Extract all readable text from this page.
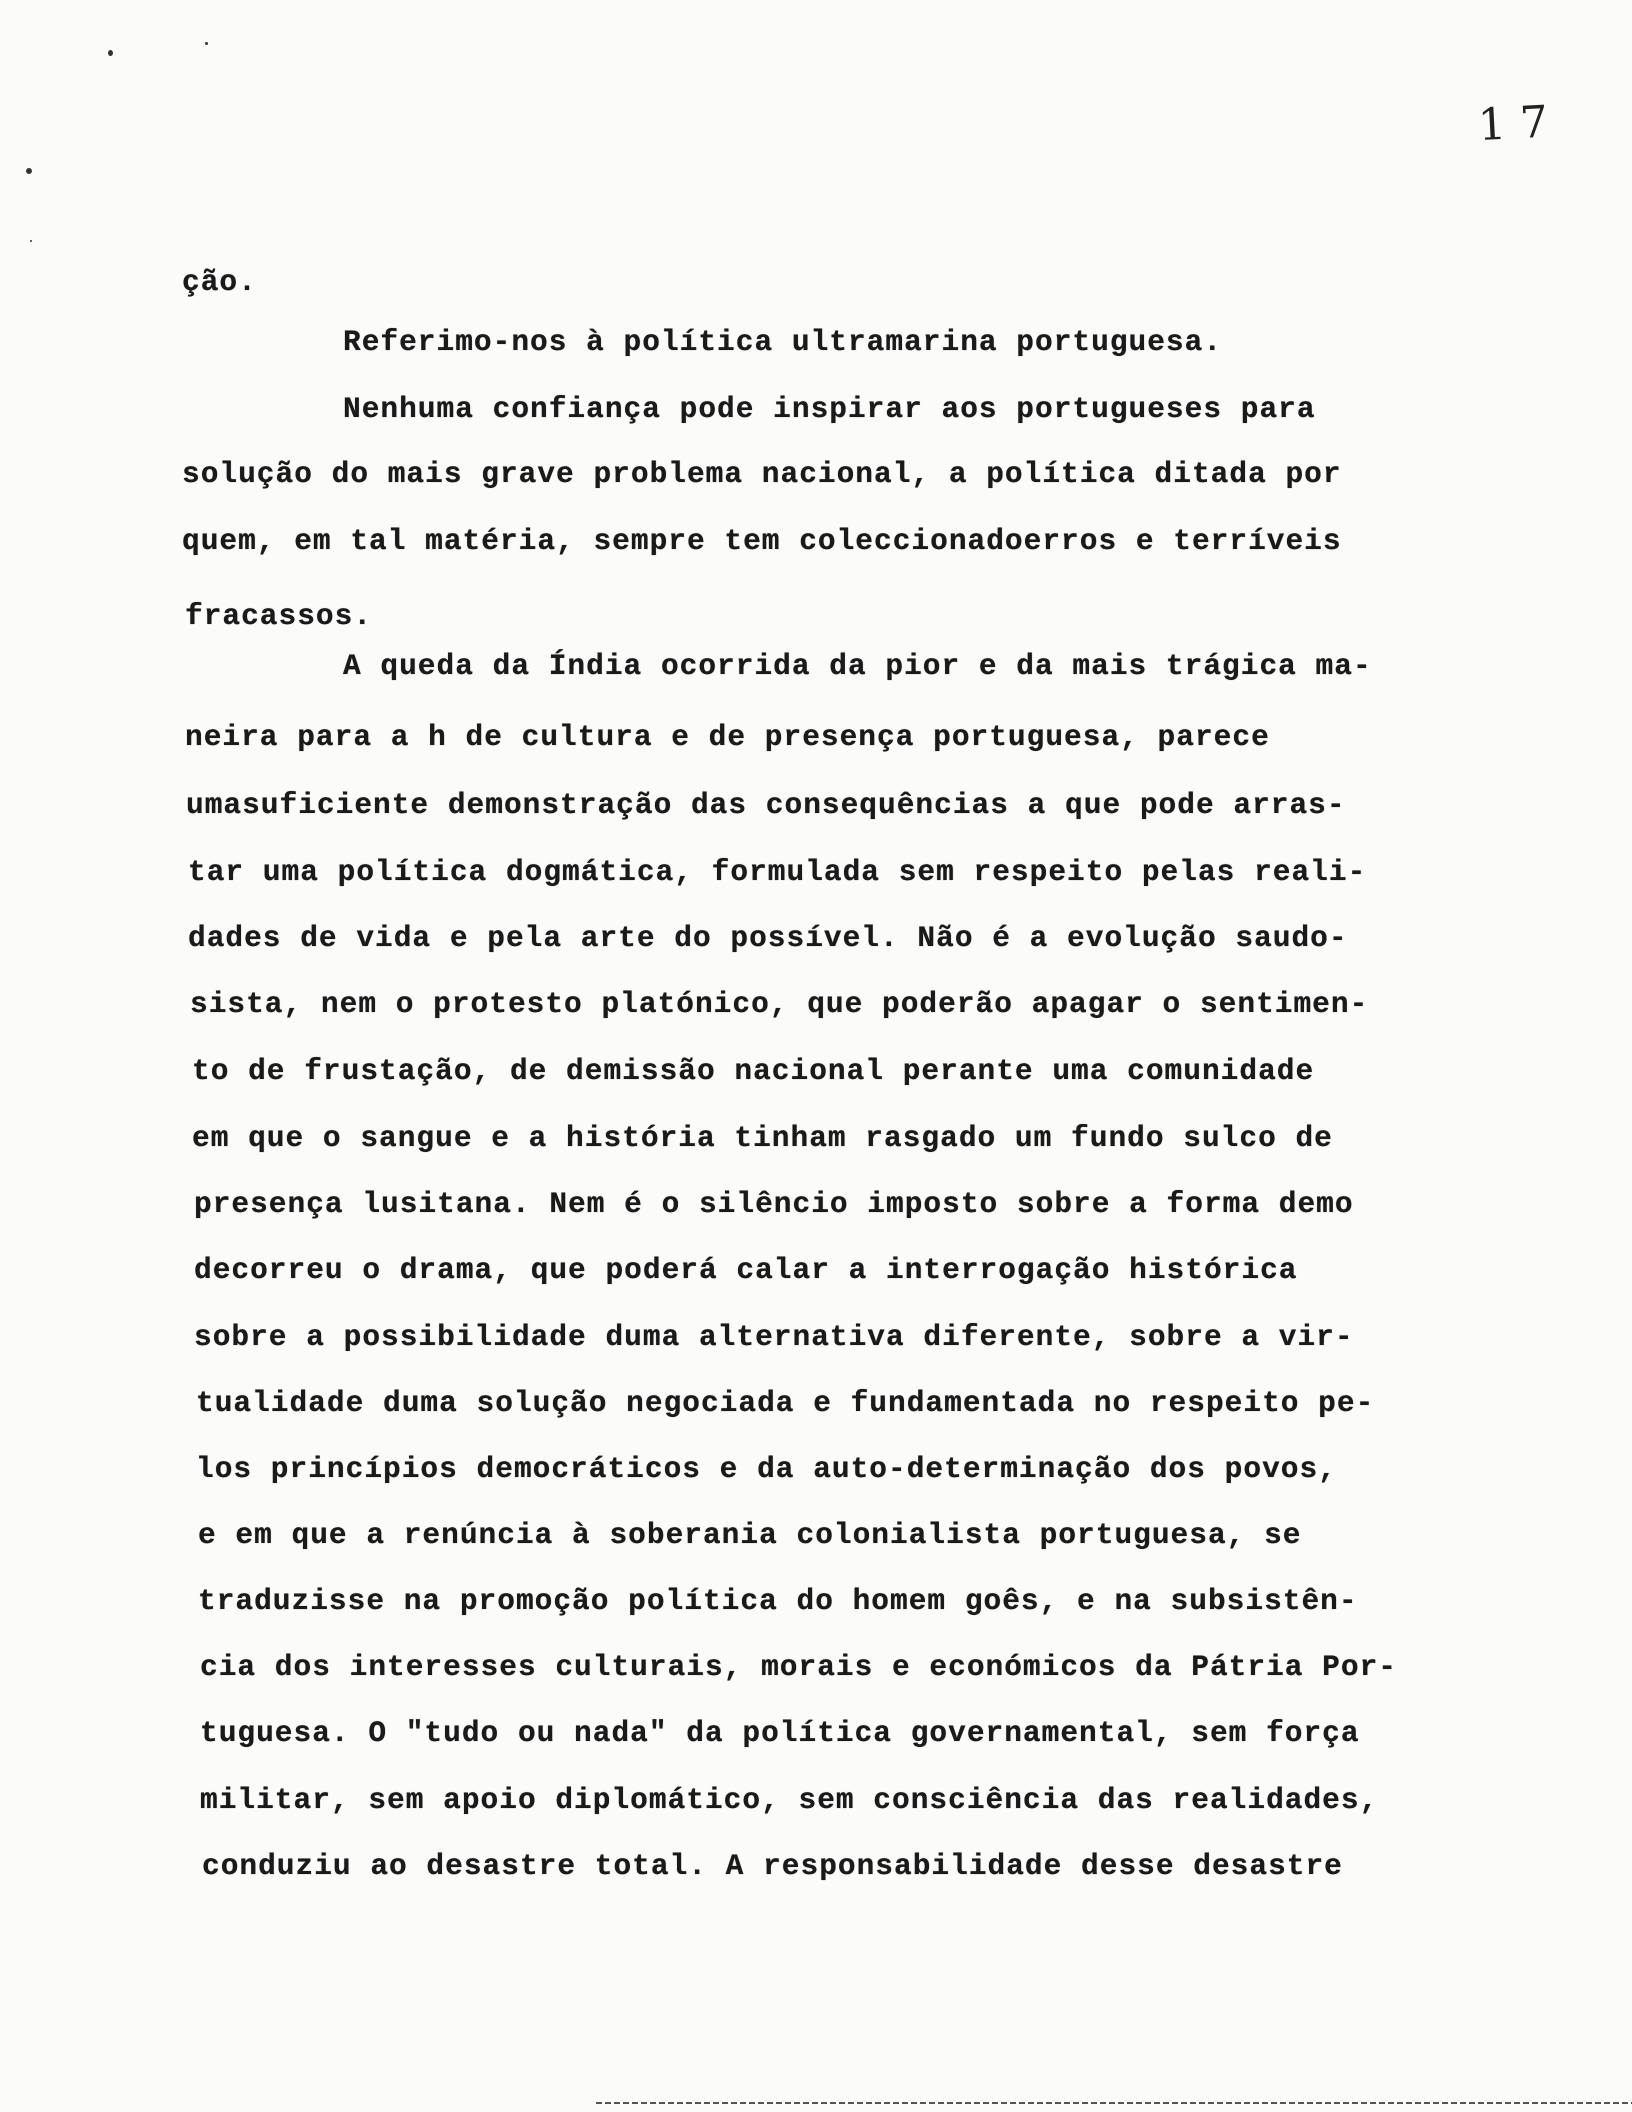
17
ção.
Referimo-nos à política ultramarina portuguesa.
Nenhuma confiança pode inspirar aos portugueses para
solução do mais grave problema nacional, a política ditada por
quem, em tal matéria, sempre tem coleccionadoerros e terríveis
fracassos.
A queda da Índia ocorrida da pior e da mais trágica ma-
neira para a h de cultura e de presença portuguesa, parece
umasuficiente demonstração das consequências a que pode arras-
tar uma política dogmática, formulada sem respeito pelas reali-
dades de vida e pela arte do possível. Não é a evolução saudo-
sista, nem o protesto platónico, que poderão apagar o sentimen-
to de frustação, de demissão nacional perante uma comunidade
em que o sangue e a história tinham rasgado um fundo sulco de
presença lusitana. Nem é o silêncio imposto sobre a forma demo
decorreu o drama, que poderá calar a interrogação histórica
sobre a possibilidade duma alternativa diferente, sobre a vir-
tualidade duma solução negociada e fundamentada no respeito pe-
los princípios democráticos e da auto-determinação dos povos,
e em que a renúncia à soberania colonialista portuguesa, se
traduzisse na promoção política do homem goês, e na subsistên-
cia dos interesses culturais, morais e económicos da Pátria Por-
tuguesa. O "tudo ou nada" da política governamental, sem força
militar, sem apoio diplomático, sem consciência das realidades,
conduziu ao desastre total. A responsabilidade desse desastre
